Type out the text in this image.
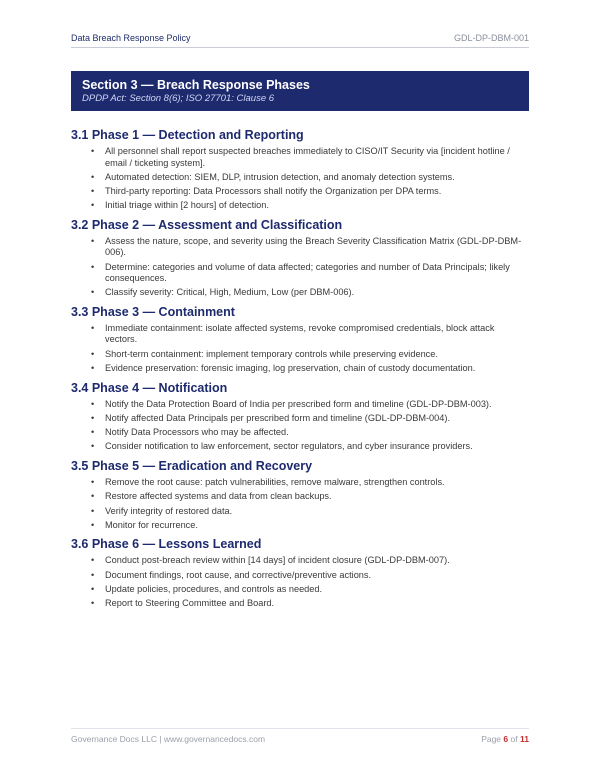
Data Breach Response Policy	GDL-DP-DBM-001
Section 3 — Breach Response Phases
DPDP Act: Section 8(6); ISO 27701: Clause 6
3.1 Phase 1 — Detection and Reporting
• All personnel shall report suspected breaches immediately to CISO/IT Security via [incident hotline / email / ticketing system].
• Automated detection: SIEM, DLP, intrusion detection, and anomaly detection systems.
• Third-party reporting: Data Processors shall notify the Organization per DPA terms.
• Initial triage within [2 hours] of detection.
3.2 Phase 2 — Assessment and Classification
• Assess the nature, scope, and severity using the Breach Severity Classification Matrix (GDL-DP-DBM-006).
• Determine: categories and volume of data affected; categories and number of Data Principals; likely consequences.
• Classify severity: Critical, High, Medium, Low (per DBM-006).
3.3 Phase 3 — Containment
• Immediate containment: isolate affected systems, revoke compromised credentials, block attack vectors.
• Short-term containment: implement temporary controls while preserving evidence.
• Evidence preservation: forensic imaging, log preservation, chain of custody documentation.
3.4 Phase 4 — Notification
• Notify the Data Protection Board of India per prescribed form and timeline (GDL-DP-DBM-003).
• Notify affected Data Principals per prescribed form and timeline (GDL-DP-DBM-004).
• Notify Data Processors who may be affected.
• Consider notification to law enforcement, sector regulators, and cyber insurance providers.
3.5 Phase 5 — Eradication and Recovery
• Remove the root cause: patch vulnerabilities, remove malware, strengthen controls.
• Restore affected systems and data from clean backups.
• Verify integrity of restored data.
• Monitor for recurrence.
3.6 Phase 6 — Lessons Learned
• Conduct post-breach review within [14 days] of incident closure (GDL-DP-DBM-007).
• Document findings, root cause, and corrective/preventive actions.
• Update policies, procedures, and controls as needed.
• Report to Steering Committee and Board.
Governance Docs LLC | www.governancedocs.com	Page 6 of 11
